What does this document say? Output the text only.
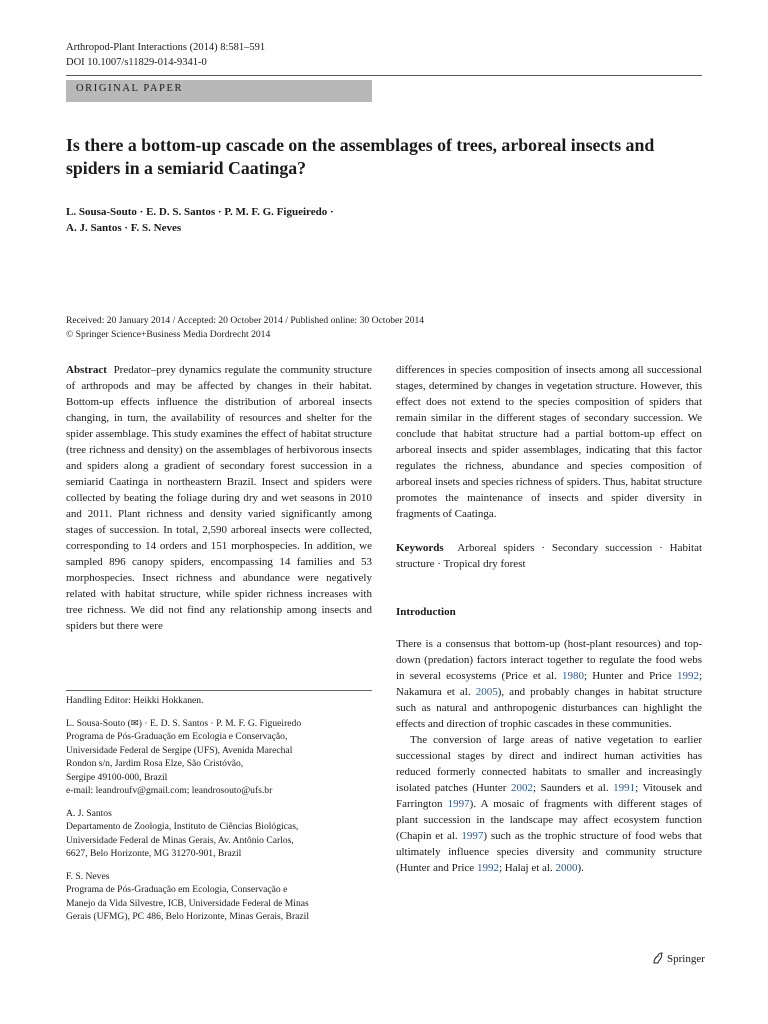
Arthropod-Plant Interactions (2014) 8:581–591
DOI 10.1007/s11829-014-9341-0
ORIGINAL PAPER
Is there a bottom-up cascade on the assemblages of trees, arboreal insects and spiders in a semiarid Caatinga?
L. Sousa-Souto · E. D. S. Santos · P. M. F. G. Figueiredo ·
A. J. Santos · F. S. Neves
Received: 20 January 2014 / Accepted: 20 October 2014 / Published online: 30 October 2014
© Springer Science+Business Media Dordrecht 2014

Abstract Predator–prey dynamics regulate the community structure of arthropods and may be affected by changes in their habitat. Bottom-up effects influence the distribution of arboreal insects changing, in turn, the availability of resources and shelter for the spider assemblage. This study examines the effect of habitat structure (tree richness and density) on the assemblages of herbivorous insects and spiders along a gradient of secondary forest succession in a semiarid Caatinga in northeastern Brazil. Insect and spiders were collected by beating the foliage during dry and wet seasons in 2010 and 2011. Plant richness and density varied significantly among stages of succession. In total, 2,590 arboreal insects were collected, corresponding to 14 orders and 151 morphospecies. In addition, we sampled 896 canopy spiders, encompassing 14 families and 53 morphospecies. Insect richness and abundance were negatively related with habitat structure, while spider richness increases with tree richness. We did not find any relationship among insects and spiders but there were

Handling Editor: Heikki Hokkanen.

L. Sousa-Souto (✉) · E. D. S. Santos · P. M. F. G. Figueiredo
Programa de Pós-Graduação em Ecologia e Conservação,
Universidade Federal de Sergipe (UFS), Avenida Marechal
Rondon s/n, Jardim Rosa Elze, São Cristóvão,
Sergipe 49100-000, Brazil
e-mail: leandroufv@gmail.com; leandrosouto@ufs.br

A. J. Santos
Departamento de Zoologia, Instituto de Ciências Biológicas,
Universidade Federal de Minas Gerais, Av. Antônio Carlos,
6627, Belo Horizonte, MG 31270-901, Brazil

F. S. Neves
Programa de Pós-Graduação em Ecologia, Conservação e
Manejo da Vida Silvestre, ICB, Universidade Federal de Minas
Gerais (UFMG), PC 486, Belo Horizonte, Minas Gerais, Brazil

differences in species composition of insects among all successional stages, determined by changes in vegetation structure. However, this effect does not extend to the species composition of spiders that remain similar in the different stages of secondary succession. We conclude that habitat structure had a partial bottom-up effect on arboreal insects and spider assemblages, indicating that this factor regulates the richness, abundance and species composition of arboreal insets and species richness of spiders. Thus, habitat structure promotes the maintenance of insects and spider diversity in fragments of Caatinga.

Keywords Arboreal spiders · Secondary succession · Habitat structure · Tropical dry forest

Introduction

There is a consensus that bottom-up (host-plant resources) and top-down (predation) factors interact together to regulate the food webs in several ecosystems (Price et al. 1980; Hunter and Price 1992; Nakamura et al. 2005), and probably changes in habitat structure such as natural and anthropogenic disturbances can highlight the effects and direction of trophic cascades in these communities.

The conversion of large areas of native vegetation to earlier successional stages by direct and indirect human activities has reduced formerly connected habitats to smaller and increasingly isolated patches (Hunter 2002; Saunders et al. 1991; Vitousek and Farrington 1997). A mosaic of fragments with different stages of plant succession in the landscape may affect ecosystem function (Chapin et al. 1997) such as the trophic structure of food webs that ultimately influence species diversity and community structure (Hunter and Price 1992; Halaj et al. 2000).

Springer
